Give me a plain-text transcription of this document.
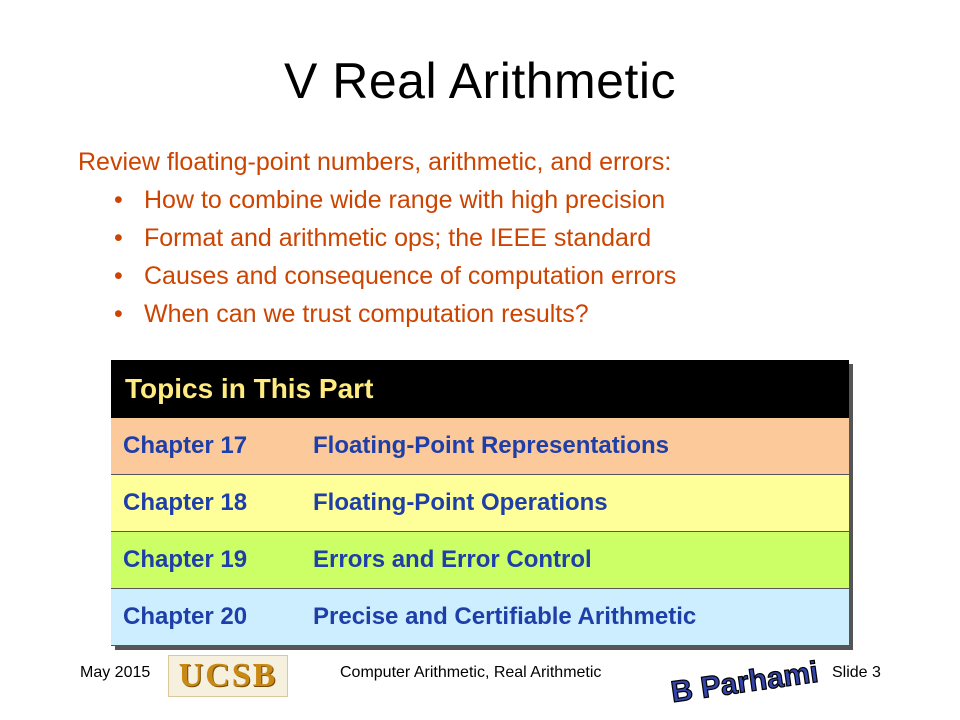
V Real Arithmetic
Review floating-point numbers, arithmetic, and errors:
• How to combine wide range with high precision
• Format and arithmetic ops; the IEEE standard
• Causes and consequence of computation errors
• When can we trust computation results?
Topics in This Part
Chapter 17	Floating-Point Representations
Chapter 18	Floating-Point Operations
Chapter 19	Errors and Error Control
Chapter 20	Precise and Certifiable Arithmetic
May 2015 UCSB	Computer Arithmetic, Real Arithmetic B Parhami Slide 3
